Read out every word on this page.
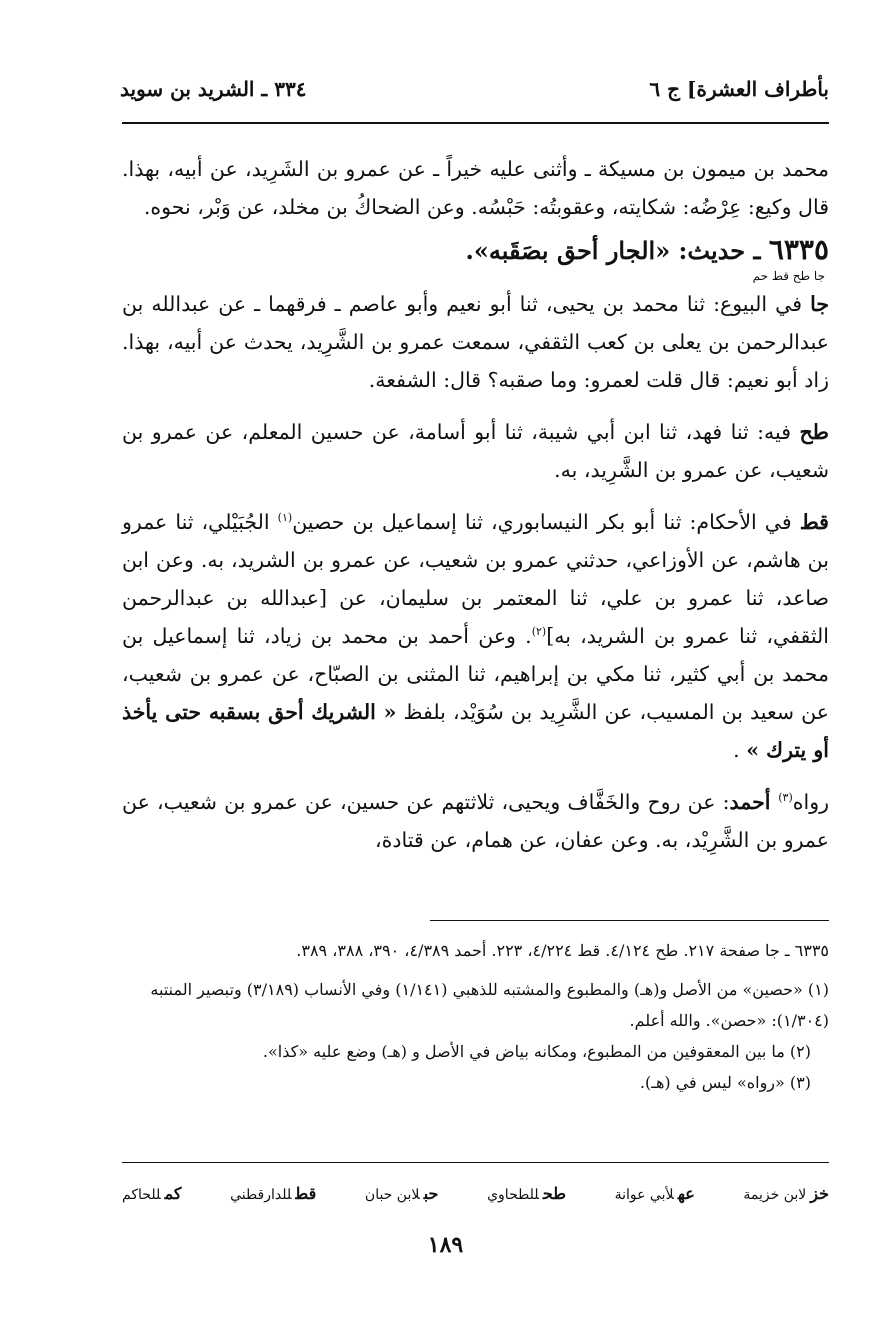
بأطراف العشرة] ج ٦
٣٣٤ ـ الشريد بن سويد

محمد بن ميمون بن مسيكة ـ وأثنى عليه خيراً ـ عن عمرو بن الشَرِيد، عن أبيه، بهذا. قال وكيع: عِرْضُه: شكايته، وعقوبتُه: حَبْسُه. وعن الضحاكُ بن مخلد، عن وَبْر، نحوه.

٦٣٣٥ ـ حديث: «الجار أحق بصَقَبه».

جا طح قط حم

جا في البيوع: ثنا محمد بن يحيى، ثنا أبو نعيم وأبو عاصم ـ فرقهما ـ عن عبدالله بن عبدالرحمن بن يعلى بن كعب الثقفي، سمعت عمرو بن الشَّرِيد، يحدث عن أبيه، بهذا. زاد أبو نعيم: قال قلت لعمرو: وما صقبه؟ قال: الشفعة.

طح فيه: ثنا فهد، ثنا ابن أبي شيبة، ثنا أبو أسامة، عن حسين المعلم، عن عمرو بن شعيب، عن عمرو بن الشَّرِيد، به.

قط في الأحكام: ثنا أبو بكر النيسابوري، ثنا إسماعيل بن حصين$^{(١)}$ الجُبَيْلي، ثنا عمرو بن هاشم، عن الأوزاعي، حدثني عمرو بن شعيب، عن عمرو بن الشريد، به. وعن ابن صاعد، ثنا عمرو بن علي، ثنا المعتمر بن سليمان، عن [عبدالله بن عبدالرحمن الثقفي، ثنا عمرو بن الشريد، به]$^{(٢)}$. وعن أحمد بن محمد بن زياد، ثنا إسماعيل بن محمد بن أبي كثير، ثنا مكي بن إبراهيم، ثنا المثنى بن الصبّاح، عن عمرو بن شعيب، عن سعيد بن المسيب، عن الشَّرِيد بن سُوَيْد، بلفظ « الشريك أحق بسقبه حتى يأخذ أو يترك » .

رواه$^{(٣)}$ أحمد: عن روح والخَفَّاف ويحيى، ثلاثتهم عن حسين، عن عمرو بن شعيب، عن عمرو بن الشَّرِيْد، به. وعن عفان، عن همام، عن قتادة،

٦٣٣٥ ـ جا صفحة ٢١٧. طح ٤/١٢٤. قط ٤/٢٢٤، ٢٢٣. أحمد ٤/٣٨٩، ٣٩٠، ٣٨٨، ٣٨٩.

(١) «حصين» من الأصل و(هـ) والمطبوع والمشتبه للذهبي (١/١٤١) وفي الأنساب (٣/١٨٩) وتبصير المنتبه (١/٣٠٤): «حصن». والله أعلم.

(٢) ما بين المعقوفين من المطبوع، ومكانه بياض في الأصل و (هـ) وضع عليه «كذا».

(٣) «رواه» ليس في (هـ).

خزلابن خزيمة
عهلأبي عوانة
طحللطحاوي
حبلابن حبان
قطللدارقطني
كمللحاكم
١٨٩
